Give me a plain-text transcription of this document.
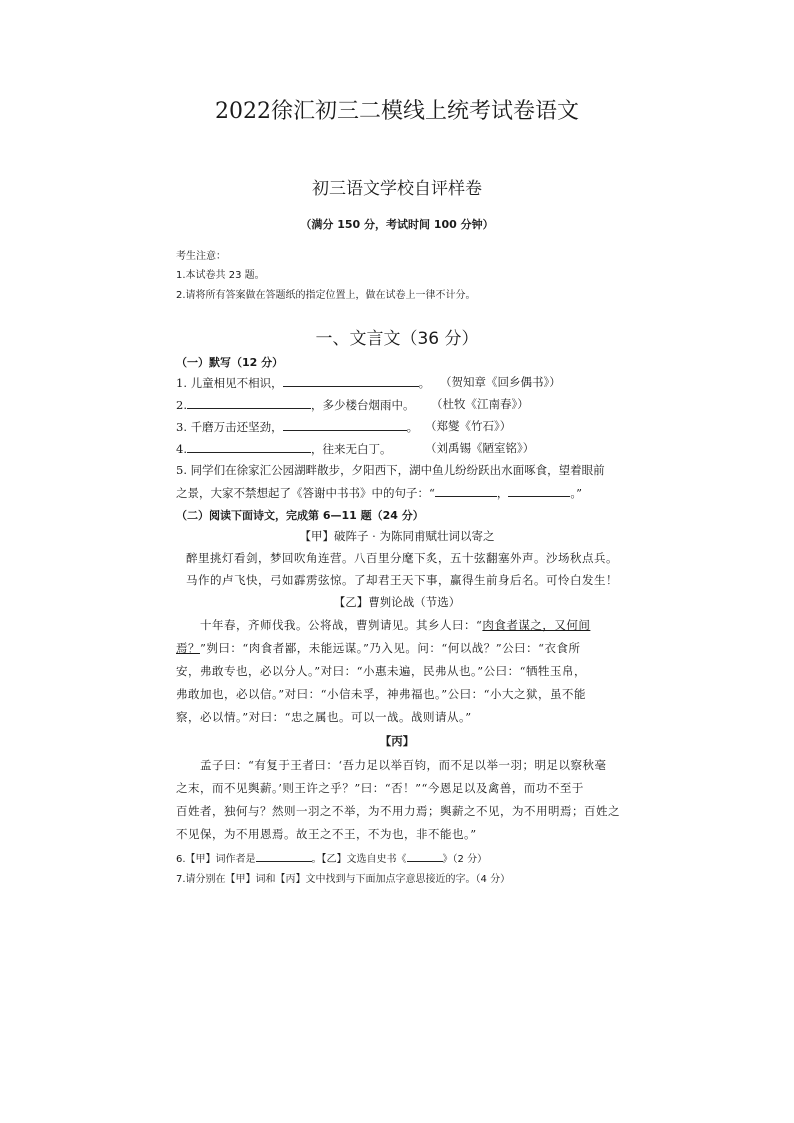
2022徐汇初三二模线上统考试卷语文
初三语文学校自评样卷
（满分 150 分，考试时间 100 分钟）
考生注意：
1.本试卷共 23 题。
2.请将所有答案做在答题纸的指定位置上，做在试卷上一律不计分。
一、文言文（36 分）
（一）默写（12 分）
1. 儿童相见不相识，	。 （贺知章《回乡偶书》）
2.	，多少楼台烟雨中。 （杜牧《江南春》）
3. 千磨万击还坚劲，	。 （郑燮《竹石》）
4.	，往来无白丁。	（刘禹锡《陋室铭》）
5. 同学们在徐家汇公园湖畔散步，夕阳西下，湖中鱼儿纷纷跃出水面啄食，望着眼前
之景，大家不禁想起了《答谢中书书》中的句子：“	，	。”
（二）阅读下面诗文，完成第 6—11 题（24 分）
【甲】破阵子 · 为陈同甫赋壮词以寄之
醉里挑灯看剑，梦回吹角连营。八百里分麾下炙，五十弦翻塞外声。沙场秋点兵。
马作的卢飞快，弓如霹雳弦惊。了却君王天下事，赢得生前身后名。可怜白发生！
【乙】曹刿论战（节选）
十年春，齐师伐我。公将战，曹刿请见。其乡人曰：“肉食者谋之，又何间
焉？”刿曰：“肉食者鄙，未能远谋。”乃入见。问：“何以战？”公曰：“衣食所
安，弗敢专也，必以分人。”对曰：“小惠未遍，民弗从也。”公曰：“牺牲玉帛，
弗敢加也，必以信。”对曰：“小信未孚，神弗福也。”公曰：“小大之狱，虽不能
察，必以情。”对曰：“忠之属也。可以一战。战则请从。”
【丙】
孟子曰：“有复于王者曰：‘吾力足以举百钧，而不足以举一羽；明足以察秋毫
之末，而不见舆薪。’则王许之乎？”曰：“否！”“今恩足以及禽兽，而功不至于
百姓者，独何与？然则一羽之不举，为不用力焉；舆薪之不见，为不用明焉；百姓之
不见保，为不用恩焉。故王之不王，不为也，非不能也。”
6.【甲】词作者是	。【乙】文选自史书《	》（2 分）
7.请分别在【甲】词和【丙】文中找到与下面加点字意思接近的字。（4 分）
